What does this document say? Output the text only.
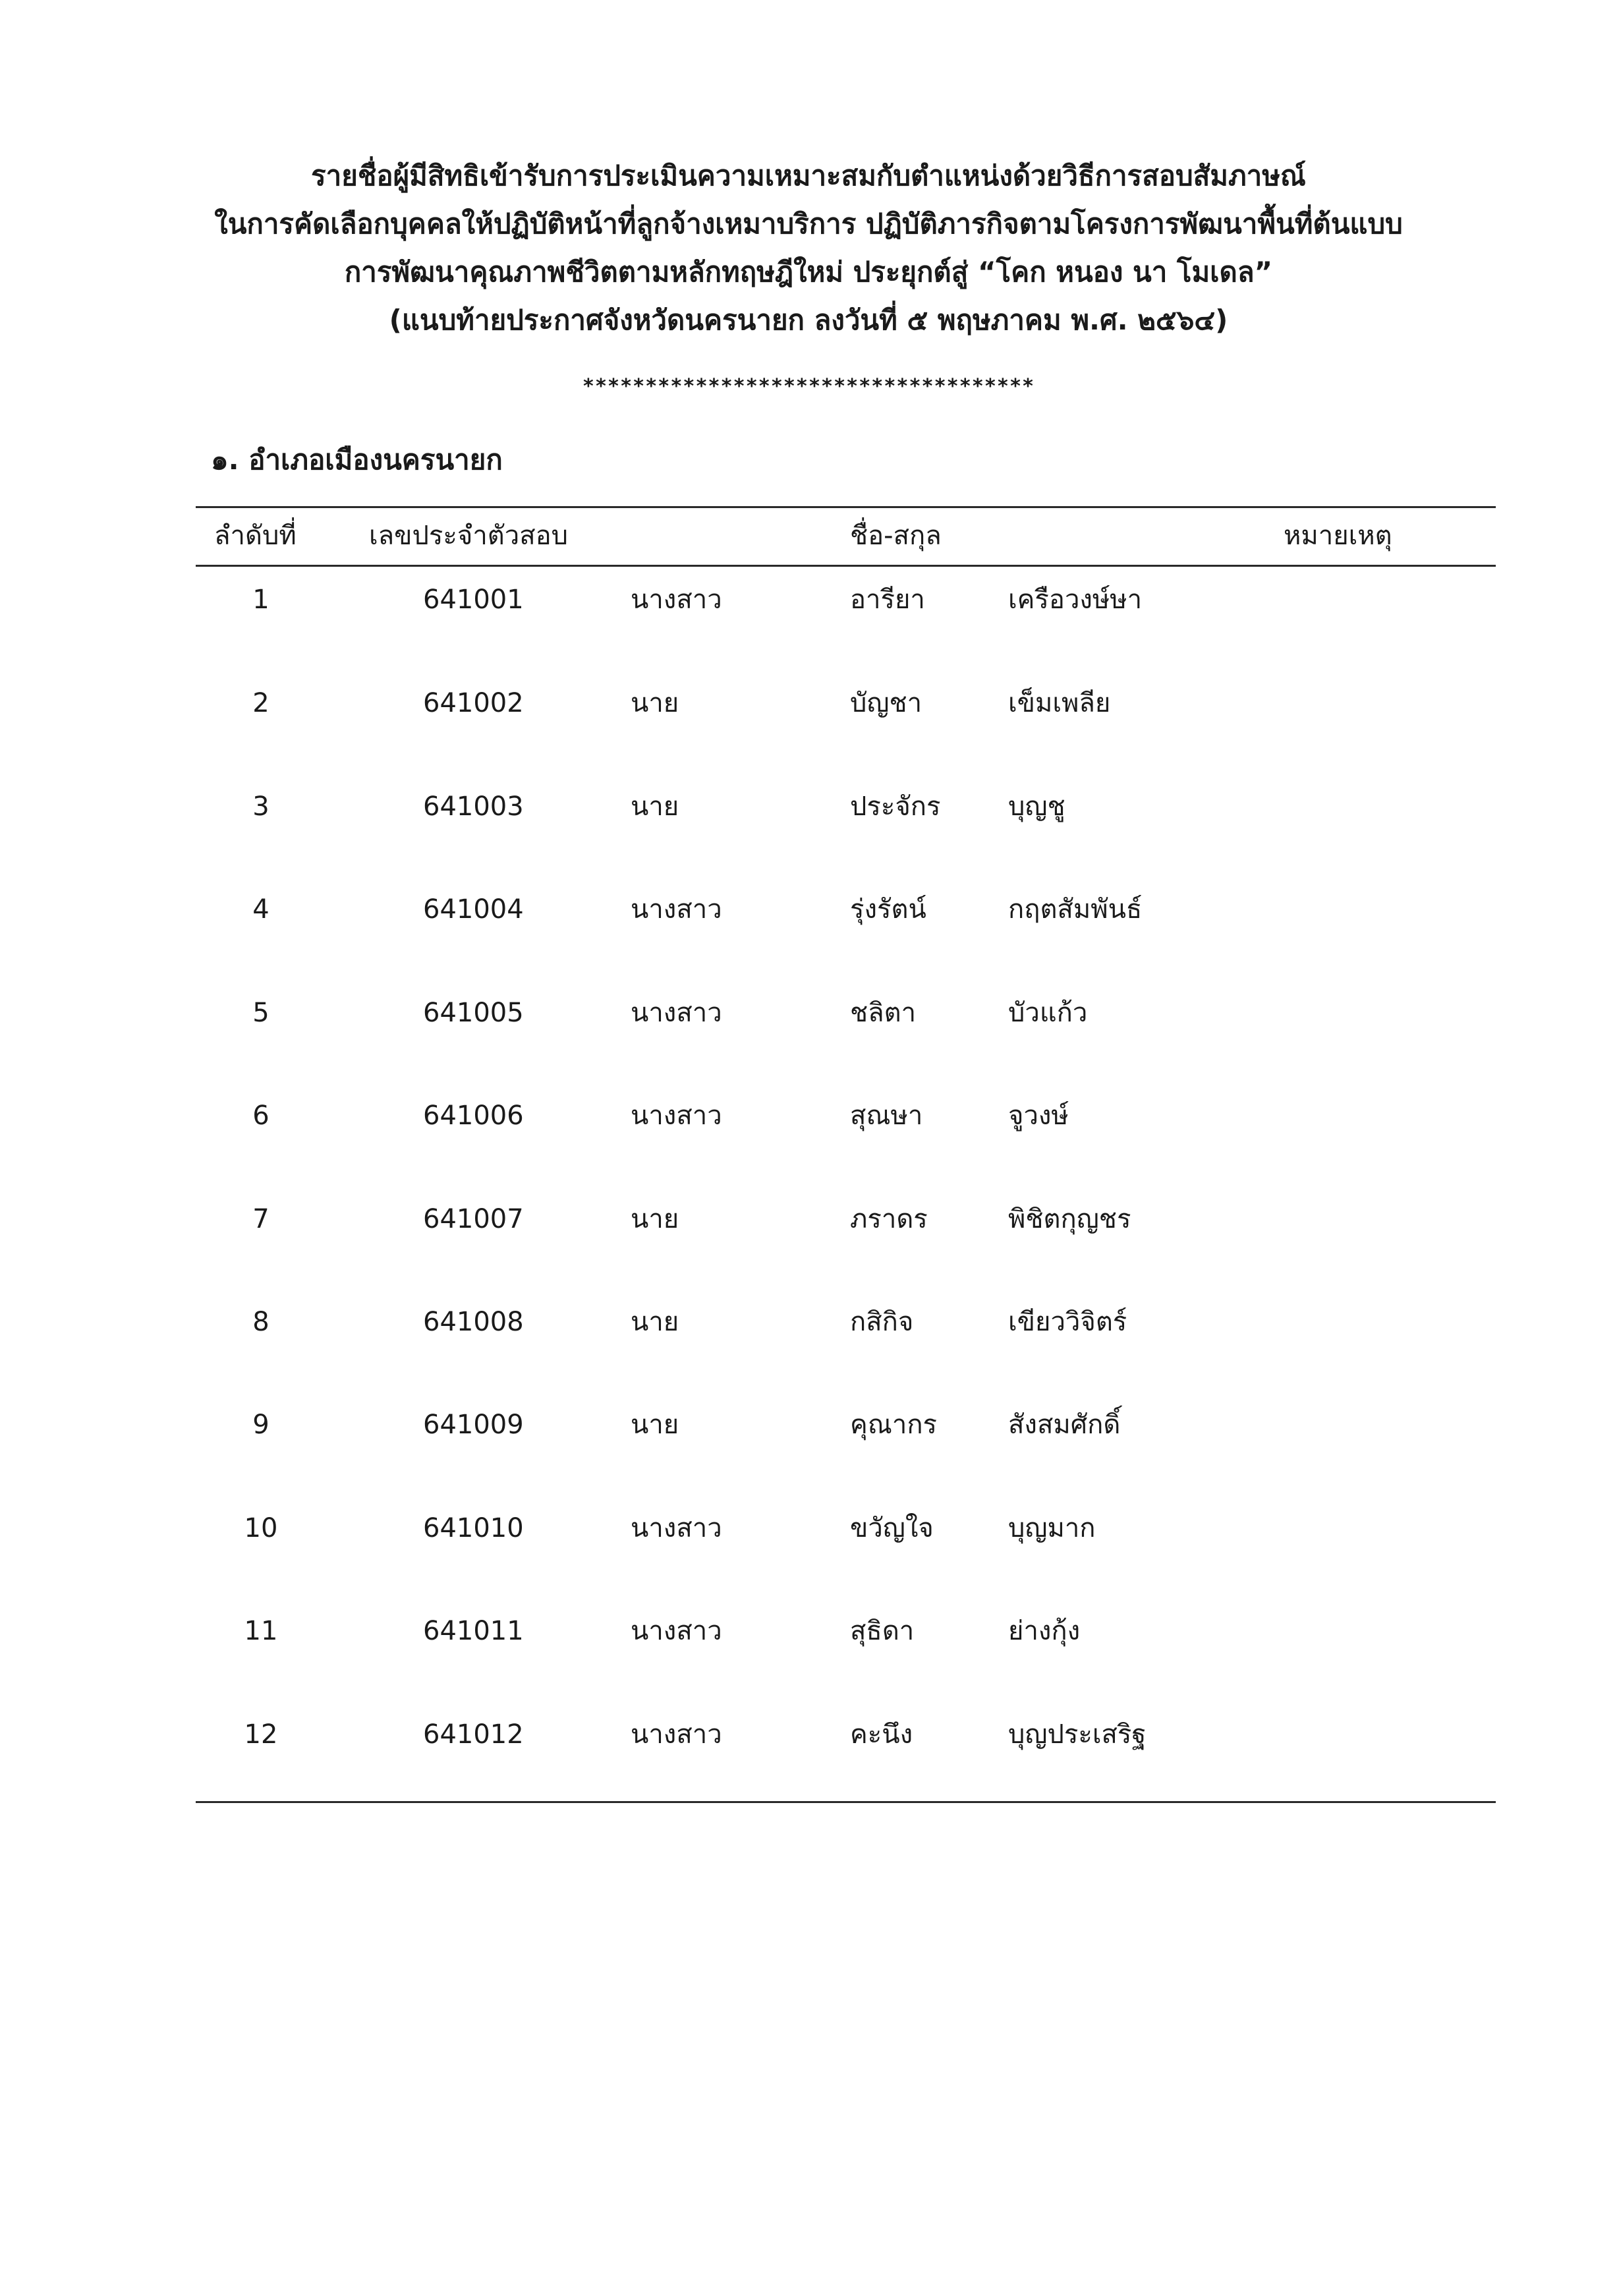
รายชื่อผู้มีสิทธิเข้ารับการประเมินความเหมาะสมกับตำแหน่งด้วยวิธีการสอบสัมภาษณ์

ในการคัดเลือกบุคคลให้ปฏิบัติหน้าที่ลูกจ้างเหมาบริการ ปฏิบัติภารกิจตามโครงการพัฒนาพื้นที่ต้นแบบ

การพัฒนาคุณภาพชีวิตตามหลักทฤษฎีใหม่ ประยุกต์สู่ “โคก หนอง นา โมเดล”

(แนบท้ายประกาศจังหวัดนครนายก ลงวันที่ ๕ พฤษภาคม พ.ศ. ๒๕๖๔)

************************************

๑. อำเภอเมืองนครนายก

ลำดับที่	เลขประจำตัวสอบ	ชื่อ-สกุล	หมายเหตุ
1	641001	นางสาว	อารียา	เครือวงษ์ษา
2	641002	นาย	บัญชา	เข็มเพลีย
3	641003	นาย	ประจักร	บุญชู
4	641004	นางสาว	รุ่งรัตน์	กฤตสัมพันธ์
5	641005	นางสาว	ชลิตา	บัวแก้ว
6	641006	นางสาว	สุณษา	จูวงษ์
7	641007	นาย	ภราดร	พิชิตกุญชร
8	641008	นาย	กสิกิจ	เขียววิจิตร์
9	641009	นาย	คุณากร	สังสมศักดิ์
10	641010	นางสาว	ขวัญใจ	บุญมาก
11	641011	นางสาว	สุธิดา	ย่างกุ้ง
12	641012	นางสาว	คะนึง	บุญประเสริฐ
